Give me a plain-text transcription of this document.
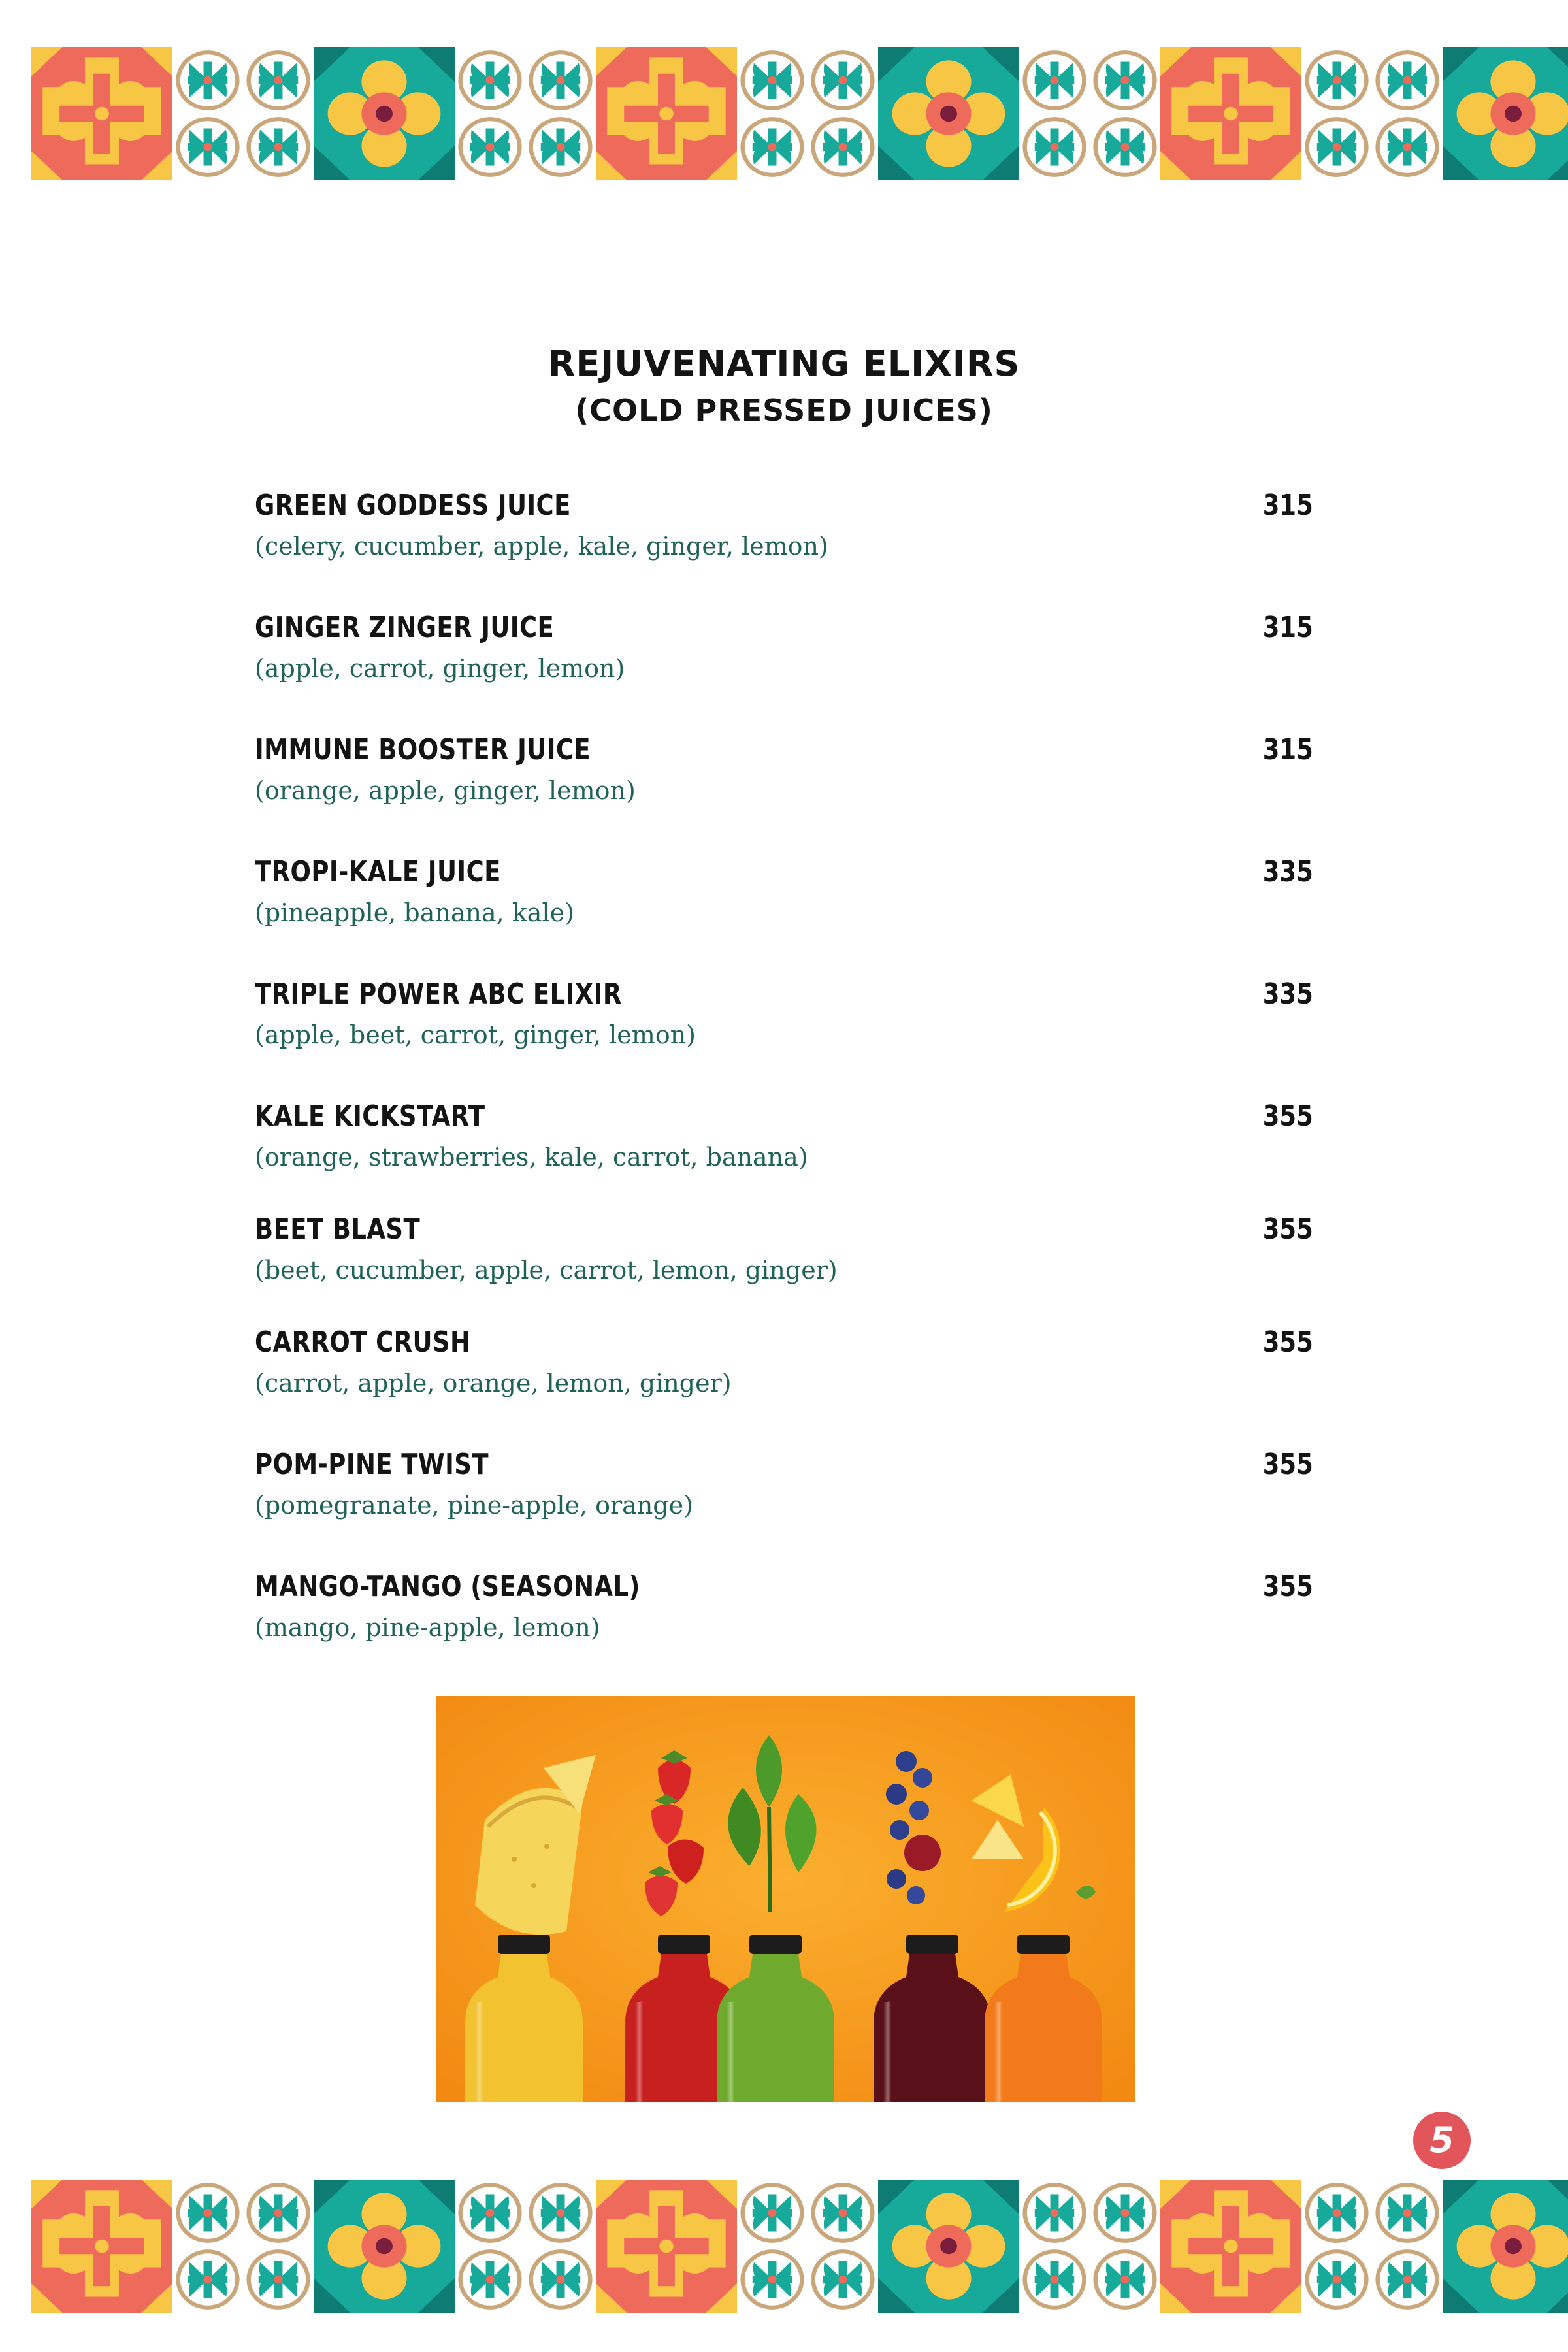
REJUVENATING ELIXIRS
(COLD PRESSED JUICES)
GREEN GODDESS JUICE	315
(celery, cucumber, apple, kale, ginger, lemon)
GINGER ZINGER JUICE	315
(apple, carrot, ginger, lemon)
IMMUNE BOOSTER JUICE	315
(orange, apple, ginger, lemon)
TROPI-KALE JUICE	335
(pineapple, banana, kale)
TRIPLE POWER ABC ELIXIR	335
(apple, beet, carrot, ginger, lemon)
KALE KICKSTART	355
(orange, strawberries, kale, carrot, banana)
BEET BLAST	355
(beet, cucumber, apple, carrot, lemon, ginger)
CARROT CRUSH	355
(carrot, apple, orange, lemon, ginger)
POM-PINE TWIST	355
(pomegranate, pine-apple, orange)
MANGO-TANGO (SEASONAL)	355
(mango, pine-apple, lemon)
5
